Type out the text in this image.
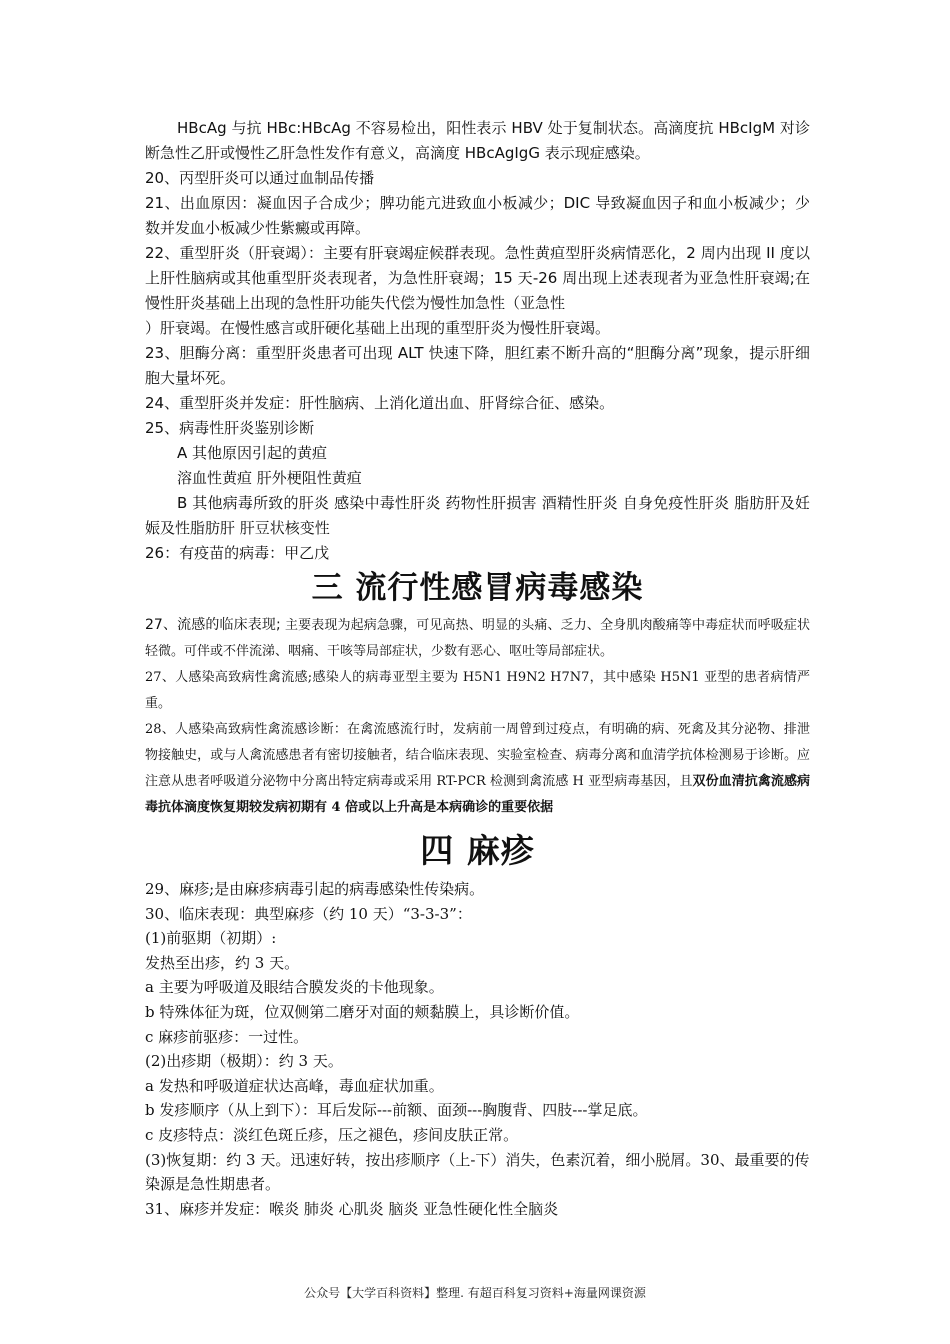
HBcAg 与抗 HBc:HBcAg 不容易检出，阳性表示 HBV 处于复制状态。高滴度抗 HBcIgM 对诊断急性乙肝或慢性乙肝急性发作有意义，高滴度 HBcAgIgG 表示现症感染。

20、丙型肝炎可以通过血制品传播

21、出血原因：凝血因子合成少；脾功能亢进致血小板减少；DIC 导致凝血因子和血小板减少；少数并发血小板减少性紫癜或再障。

22、重型肝炎（肝衰竭）：主要有肝衰竭症候群表现。急性黄疸型肝炎病情恶化，2 周内出现 II 度以上肝性脑病或其他重型肝炎表现者，为急性肝衰竭；15 天-26 周出现上述表现者为亚急性肝衰竭;在慢性肝炎基础上出现的急性肝功能失代偿为慢性加急性（亚急性

）肝衰竭。在慢性感言或肝硬化基础上出现的重型肝炎为慢性肝衰竭。

23、胆酶分离：重型肝炎患者可出现 ALT 快速下降，胆红素不断升高的“胆酶分离”现象，提示肝细胞大量坏死。

24、重型肝炎并发症：肝性脑病、上消化道出血、肝肾综合征、感染。

25、病毒性肝炎鉴别诊断

A 其他原因引起的黄疸

溶血性黄疸 肝外梗阻性黄疸

B 其他病毒所致的肝炎 感染中毒性肝炎 药物性肝损害 酒精性肝炎 自身免疫性肝炎 脂肪肝及妊娠及性脂肪肝 肝豆状核变性

26：有疫苗的病毒：甲乙戊

三 流行性感冒病毒感染

27、流感的临床表现; 主要表现为起病急骤，可见高热、明显的头痛、乏力、全身肌肉酸痛等中毒症状而呼吸症状轻微。可伴或不伴流涕、咽痛、干咳等局部症状，少数有恶心、呕吐等局部症状。

27、人感染高致病性禽流感;感染人的病毒亚型主要为 H5N1 H9N2 H7N7，其中感染 H5N1 亚型的患者病情严重。

28、人感染高致病性禽流感诊断：在禽流感流行时，发病前一周曾到过疫点，有明确的病、死禽及其分泌物、排泄物接触史，或与人禽流感患者有密切接触者，结合临床表现、实验室检查、病毒分离和血清学抗体检测易于诊断。应注意从患者呼吸道分泌物中分离出特定病毒或采用 RT-PCR 检测到禽流感 H 亚型病毒基因，且双份血清抗禽流感病毒抗体滴度恢复期较发病初期有 4 倍或以上升高是本病确诊的重要依据

四 麻疹

29、麻疹;是由麻疹病毒引起的病毒感染性传染病。

30、临床表现：典型麻疹（约 10 天）“3-3-3”：

(1)前驱期（初期）:

发热至出疹，约 3 天。

a 主要为呼吸道及眼结合膜发炎的卡他现象。

b 特殊体征为斑，位双侧第二磨牙对面的颊黏膜上，具诊断价值。

c 麻疹前驱疹：一过性。

(2)出疹期（极期）：约 3 天。

a 发热和呼吸道症状达高峰，毒血症状加重。

b 发疹顺序（从上到下）：耳后发际---前额、面颈---胸腹背、四肢---掌足底。

c 皮疹特点：淡红色斑丘疹，压之褪色，疹间皮肤正常。

(3)恢复期：约 3 天。迅速好转，按出疹顺序（上-下）消失，色素沉着，细小脱屑。30、最重要的传染源是急性期患者。

31、麻疹并发症：喉炎 肺炎 心肌炎 脑炎 亚急性硬化性全脑炎

公众号【大学百科资料】整理. 有超百科复习资料+海量网课资源
